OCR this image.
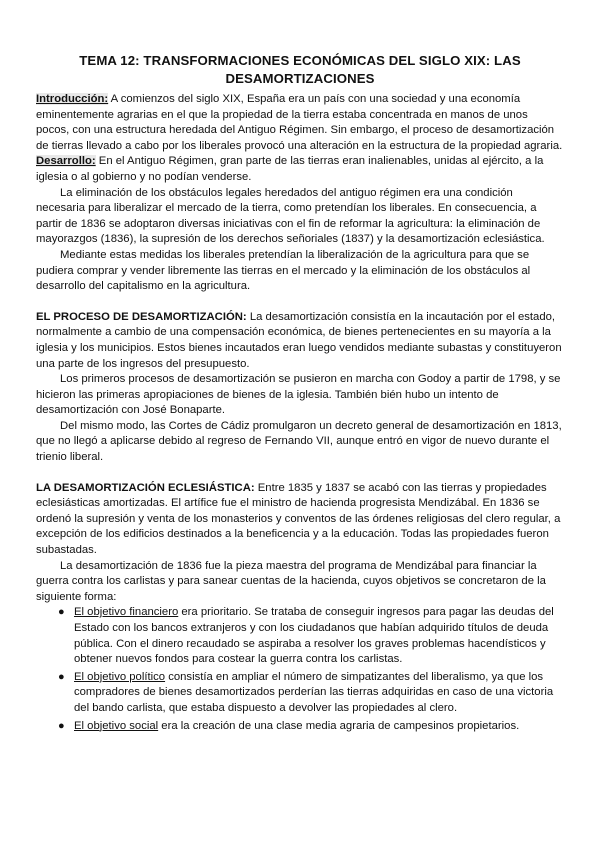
TEMA 12: TRANSFORMACIONES ECONÓMICAS DEL SIGLO XIX: LAS DESAMORTIZACIONES

Introducción: A comienzos del siglo XIX, España era un país con una sociedad y una economía eminentemente agrarias en el que la propiedad de la tierra estaba concentrada en manos de unos pocos, con una estructura heredada del Antiguo Régimen. Sin embargo, el proceso de desamortización de tierras llevado a cabo por los liberales provocó una alteración en la estructura de la propiedad agraria.

Desarrollo: En el Antiguo Régimen, gran parte de las tierras eran inalienables, unidas al ejército, a la iglesia o al gobierno y no podían venderse.

La eliminación de los obstáculos legales heredados del antiguo régimen era una condición necesaria para liberalizar el mercado de la tierra, como pretendían los liberales. En consecuencia, a partir de 1836 se adoptaron diversas iniciativas con el fin de reformar la agricultura: la eliminación de mayorazgos (1836), la supresión de los derechos señoriales (1837) y la desamortización eclesiástica.

Mediante estas medidas los liberales pretendían la liberalización de la agricultura para que se pudiera comprar y vender libremente las tierras en el mercado y la eliminación de los obstáculos al desarrollo del capitalismo en la agricultura.

EL PROCESO DE DESAMORTIZACIÓN: La desamortización consistía en la incautación por el estado, normalmente a cambio de una compensación económica, de bienes pertenecientes en su mayoría a la iglesia y los municipios. Estos bienes incautados eran luego vendidos mediante subastas y constituyeron una parte de los ingresos del presupuesto.

Los primeros procesos de desamortización se pusieron en marcha con Godoy a partir de 1798, y se hicieron las primeras apropiaciones de bienes de la iglesia. También bién hubo un intento de desamortización con José Bonaparte.

Del mismo modo, las Cortes de Cádiz promulgaron un decreto general de desamortización en 1813, que no llegó a aplicarse debido al regreso de Fernando VII, aunque entró en vigor de nuevo durante el trienio liberal.

LA DESAMORTIZACIÓN ECLESIÁSTICA: Entre 1835 y 1837 se acabó con las tierras y propiedades eclesiásticas amortizadas. El artífice fue el ministro de hacienda progresista Mendizábal. En 1836 se ordenó la supresión y venta de los monasterios y conventos de las órdenes religiosas del clero regular, a excepción de los edificios destinados a la beneficencia y a la educación. Todas las propiedades fueron subastadas.

La desamortización de 1836 fue la pieza maestra del programa de Mendizábal para financiar la guerra contra los carlistas y para sanear cuentas de la hacienda, cuyos objetivos se concretaron de la siguiente forma:

● El objetivo financiero era prioritario. Se trataba de conseguir ingresos para pagar las deudas del Estado con los bancos extranjeros y con los ciudadanos que habían adquirido títulos de deuda pública. Con el dinero recaudado se aspiraba a resolver los graves problemas hacendísticos y obtener nuevos fondos para costear la guerra contra los carlistas.
● El objetivo político consistía en ampliar el número de simpatizantes del liberalismo, ya que los compradores de bienes desamortizados perderían las tierras adquiridas en caso de una victoria del bando carlista, que estaba dispuesto a devolver las propiedades al clero.
● El objetivo social era la creación de una clase media agraria de campesinos propietarios.
